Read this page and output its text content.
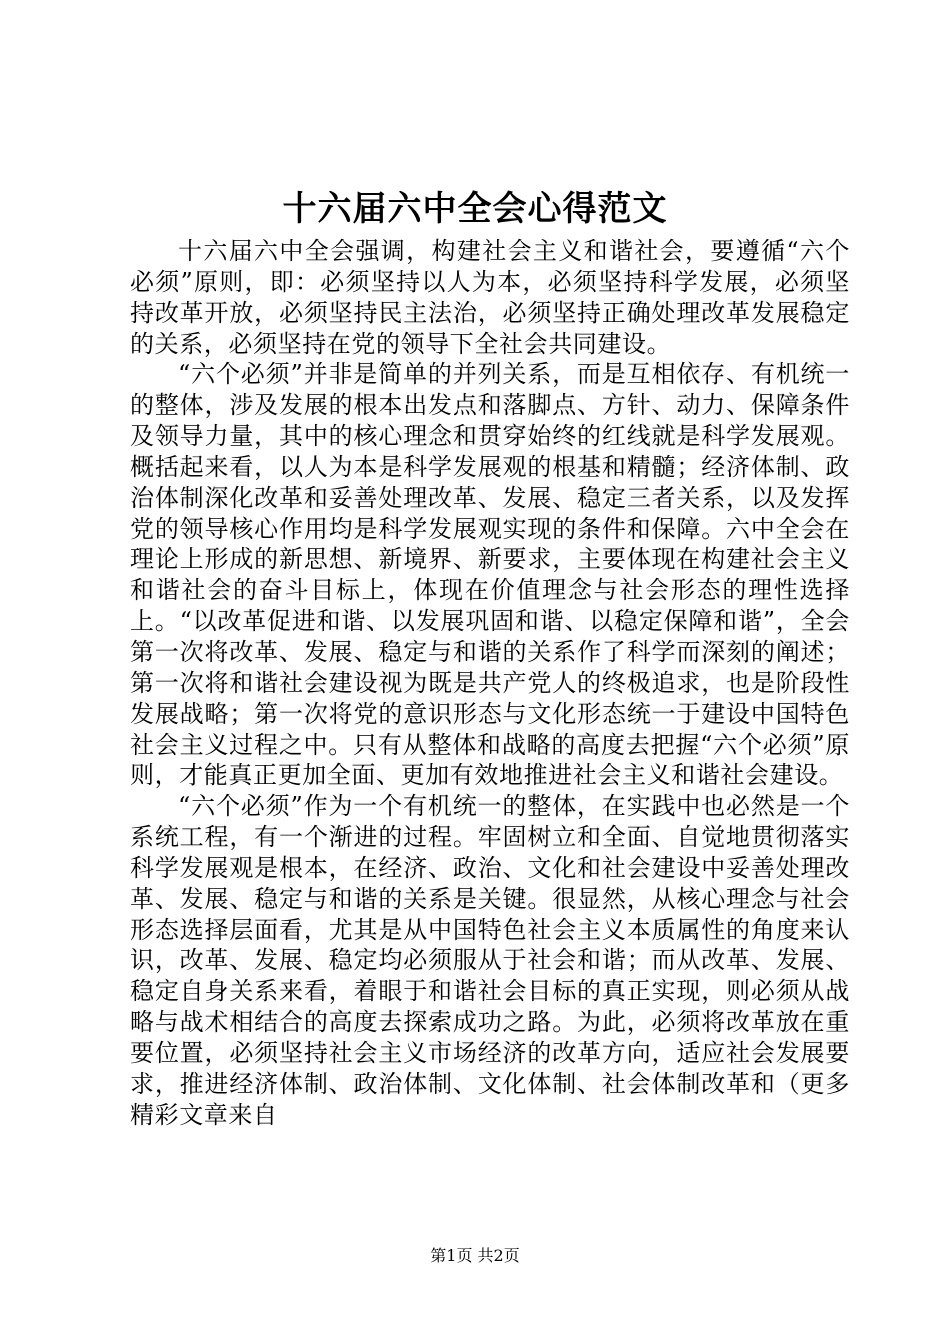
十六届六中全会心得范文

十六届六中全会强调，构建社会主义和谐社会，要遵循“六个必须”原则，即：必须坚持以人为本，必须坚持科学发展，必须坚持改革开放，必须坚持民主法治，必须坚持正确处理改革发展稳定的关系，必须坚持在党的领导下全社会共同建设。

“六个必须”并非是简单的并列关系，而是互相依存、有机统一的整体，涉及发展的根本出发点和落脚点、方针、动力、保障条件及领导力量，其中的核心理念和贯穿始终的红线就是科学发展观。概括起来看，以人为本是科学发展观的根基和精髓；经济体制、政治体制深化改革和妥善处理改革、发展、稳定三者关系，以及发挥党的领导核心作用均是科学发展观实现的条件和保障。六中全会在理论上形成的新思想、新境界、新要求，主要体现在构建社会主义和谐社会的奋斗目标上，体现在价值理念与社会形态的理性选择上。“以改革促进和谐、以发展巩固和谐、以稳定保障和谐”，全会第一次将改革、发展、稳定与和谐的关系作了科学而深刻的阐述；第一次将和谐社会建设视为既是共产党人的终极追求，也是阶段性发展战略；第一次将党的意识形态与文化形态统一于建设中国特色社会主义过程之中。只有从整体和战略的高度去把握“六个必须”原则，才能真正更加全面、更加有效地推进社会主义和谐社会建设。

“六个必须”作为一个有机统一的整体，在实践中也必然是一个系统工程，有一个渐进的过程。牢固树立和全面、自觉地贯彻落实科学发展观是根本，在经济、政治、文化和社会建设中妥善处理改革、发展、稳定与和谐的关系是关键。很显然，从核心理念与社会形态选择层面看，尤其是从中国特色社会主义本质属性的角度来认识，改革、发展、稳定均必须服从于社会和谐；而从改革、发展、稳定自身关系来看，着眼于和谐社会目标的真正实现，则必须从战略与战术相结合的高度去探索成功之路。为此，必须将改革放在重要位置，必须坚持社会主义市场经济的改革方向，适应社会发展要求，推进经济体制、政治体制、文化体制、社会体制改革和（更多精彩文章来自

第1页 共2页
